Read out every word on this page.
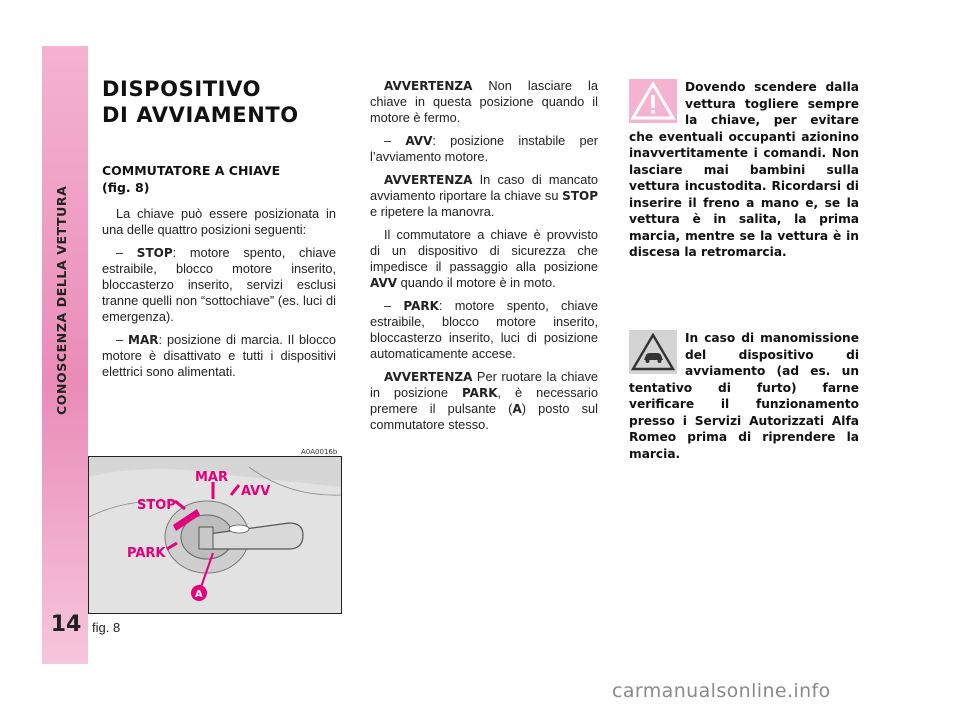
CONOSCENZA DELLA VETTURA
14
DISPOSITIVO
DI AVVIAMENTO
COMMUTATORE A CHIAVE
(fig. 8)

La chiave può essere posizionata in una delle quattro posizioni seguenti:

– STOP: motore spento, chiave estraibile, blocco motore inserito, bloccasterzo inserito, servizi esclusi tranne quelli non “sottochiave” (es. luci di emergenza).

– MAR: posizione di marcia. Il blocco motore è disattivato e tutti i dispositivi elettrici sono alimentati.

AVVERTENZA Non lasciare la chiave in questa posizione quando il motore è fermo.

– AVV: posizione instabile per l’avviamento motore.

AVVERTENZA In caso di mancato avviamento riportare la chiave su STOP e ripetere la manovra.

Il commutatore a chiave è provvisto di un dispositivo di sicurezza che impedisce il passaggio alla posizione AVV quando il motore è in moto.

– PARK: motore spento, chiave estraibile, blocco motore inserito, bloccasterzo inserito, luci di posizione automaticamente accese.

AVVERTENZA Per ruotare la chiave in posizione PARK, è necessario premere il pulsante (A) posto sul commutatore stesso.

Dovendo scendere dalla vettura togliere sempre la chiave, per evitare che eventuali occupanti azionino inavvertitamente i comandi. Non lasciare mai bambini sulla vettura incustodita. Ricordarsi di inserire il freno a mano e, se la vettura è in salita, la prima marcia, mentre se la vettura è in discesa la retromarcia.
In caso di manomissione del dispositivo di avviamento (ad es. un tentativo di furto) farne verificare il funzionamento presso i Servizi Autorizzati Alfa Romeo prima di riprendere la marcia.
A0A0016b
MAR
AVV
STOP
PARK
A
fig. 8
carmanualsonline.info
